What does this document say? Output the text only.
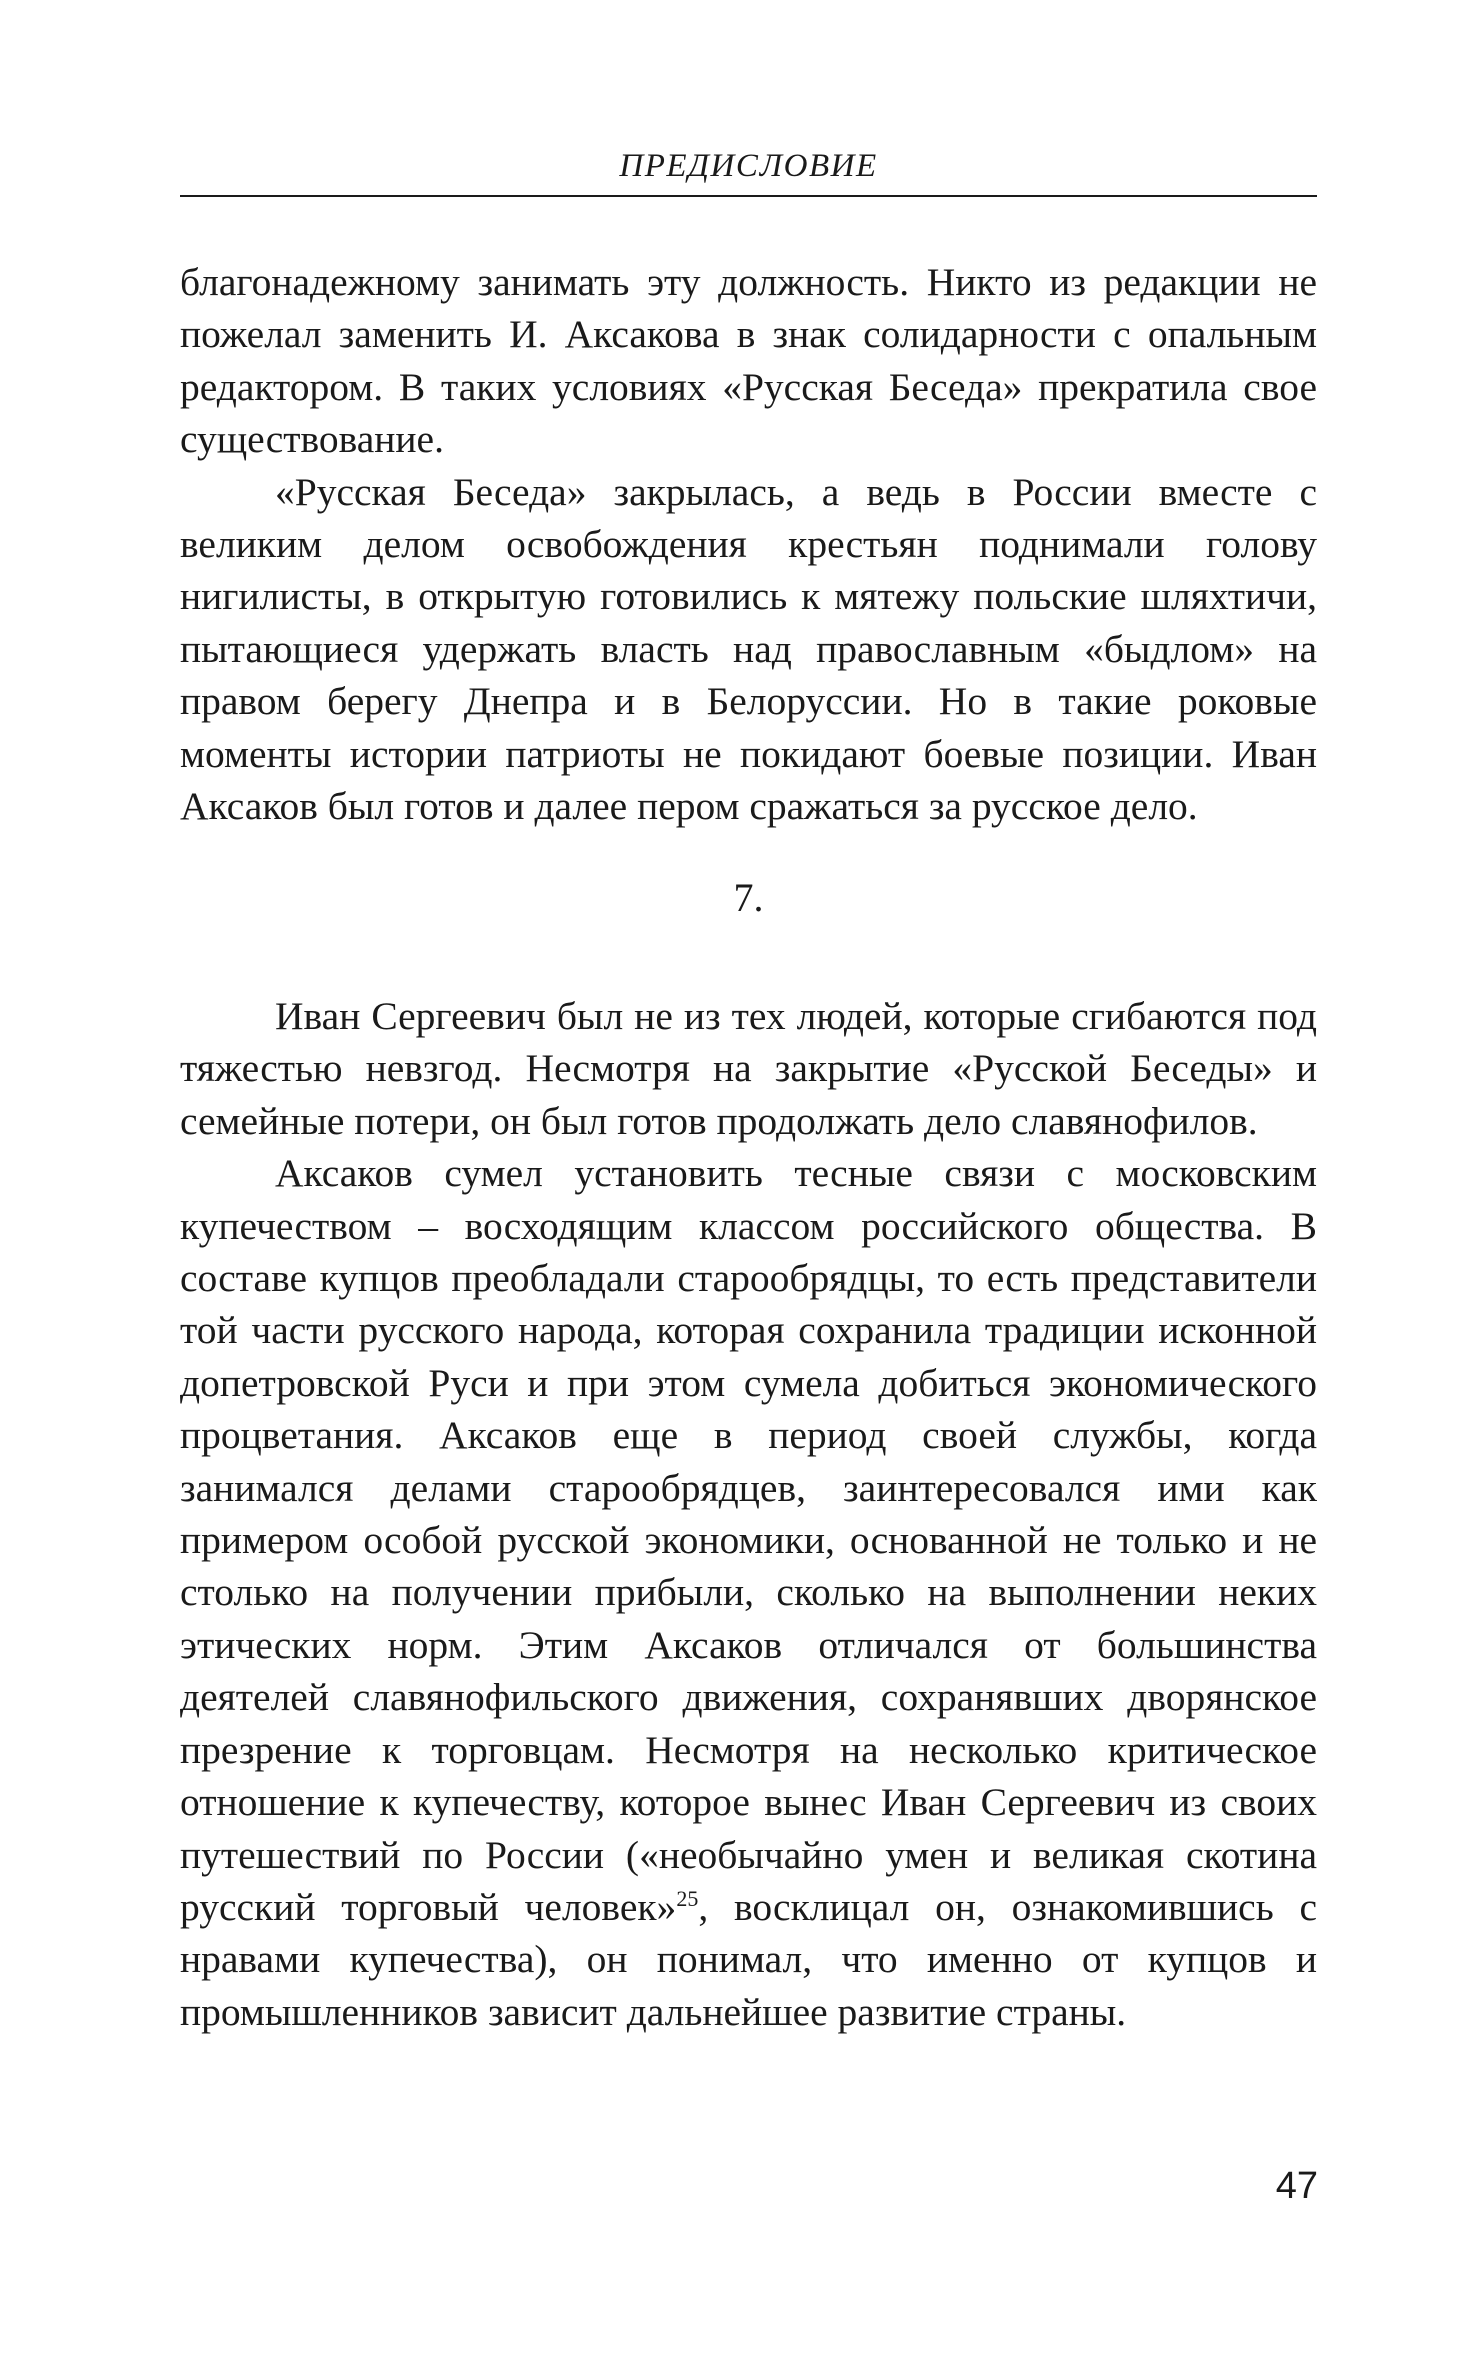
ПРЕДИСЛОВИЕ

благонадежному занимать эту должность. Никто из редакции не пожелал заменить И. Аксакова в знак солидарности с опальным редактором. В таких условиях «Русская Беседа» прекратила свое существование.

«Русская Беседа» закрылась, а ведь в России вместе с великим делом освобождения крестьян поднимали голову нигилисты, в открытую готовились к мятежу польские шляхтичи, пытающиеся удержать власть над православным «быдлом» на правом берегу Днепра и в Белоруссии. Но в такие роковые моменты истории патриоты не покидают боевые позиции. Иван Аксаков был готов и далее пером сражаться за русское дело.

7.

Иван Сергеевич был не из тех людей, которые сгибаются под тяжестью невзгод. Несмотря на закрытие «Русской Беседы» и семейные потери, он был готов продолжать дело славянофилов.

Аксаков сумел установить тесные связи с московским купечеством – восходящим классом российского общества. В составе купцов преобладали старообрядцы, то есть представители той части русского народа, которая сохранила традиции исконной допетровской Руси и при этом сумела добиться экономического процветания. Аксаков еще в период своей службы, когда занимался делами старообрядцев, заинтересовался ими как примером особой русской экономики, основанной не только и не столько на получении прибыли, сколько на выполнении неких этических норм. Этим Аксаков отличался от большинства деятелей славянофильского движения, сохранявших дворянское презрение к торговцам. Несмотря на несколько критическое отношение к купечеству, которое вынес Иван Сергеевич из своих путешествий по России («необычайно умен и великая скотина русский торговый человек»$^{25}$, восклицал он, ознакомившись с нравами купечества), он понимал, что именно от купцов и промышленников зависит дальнейшее развитие страны.

47
